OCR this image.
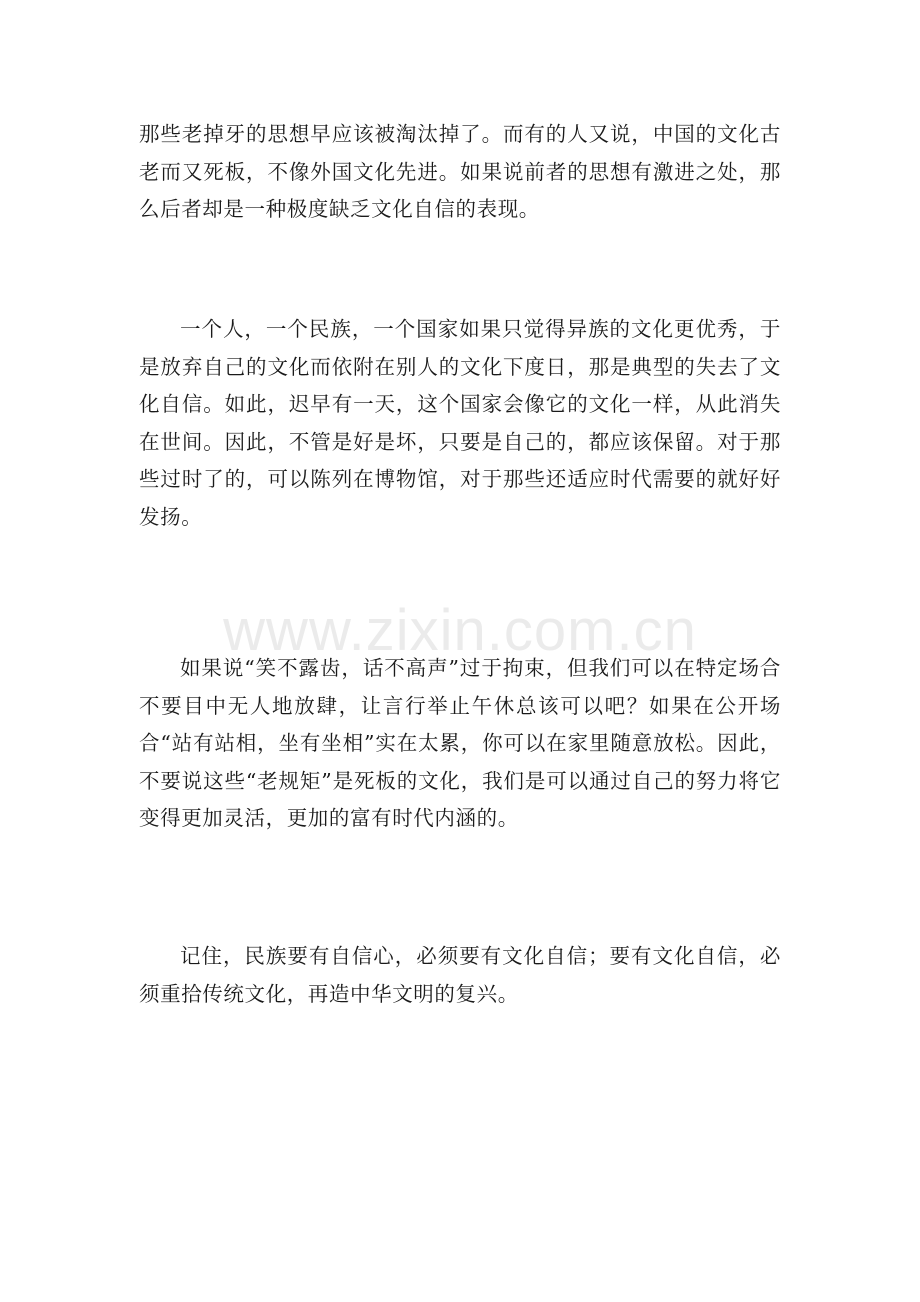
那些老掉牙的思想早应该被淘汰掉了。而有的人又说，中国的文化古老而又死板，不像外国文化先进。如果说前者的思想有激进之处，那么后者却是一种极度缺乏文化自信的表现。

一个人，一个民族，一个国家如果只觉得异族的文化更优秀，于是放弃自己的文化而依附在别人的文化下度日，那是典型的失去了文化自信。如此，迟早有一天，这个国家会像它的文化一样，从此消失在世间。因此，不管是好是坏，只要是自己的，都应该保留。对于那些过时了的，可以陈列在博物馆，对于那些还适应时代需要的就好好发扬。

www.zixin.com.cn

如果说“笑不露齿，话不高声”过于拘束，但我们可以在特定场合不要目中无人地放肆，让言行举止午休总该可以吧？如果在公开场合“站有站相，坐有坐相”实在太累，你可以在家里随意放松。因此，不要说这些“老规矩”是死板的文化，我们是可以通过自己的努力将它变得更加灵活，更加的富有时代内涵的。

记住，民族要有自信心，必须要有文化自信；要有文化自信，必须重拾传统文化，再造中华文明的复兴。
